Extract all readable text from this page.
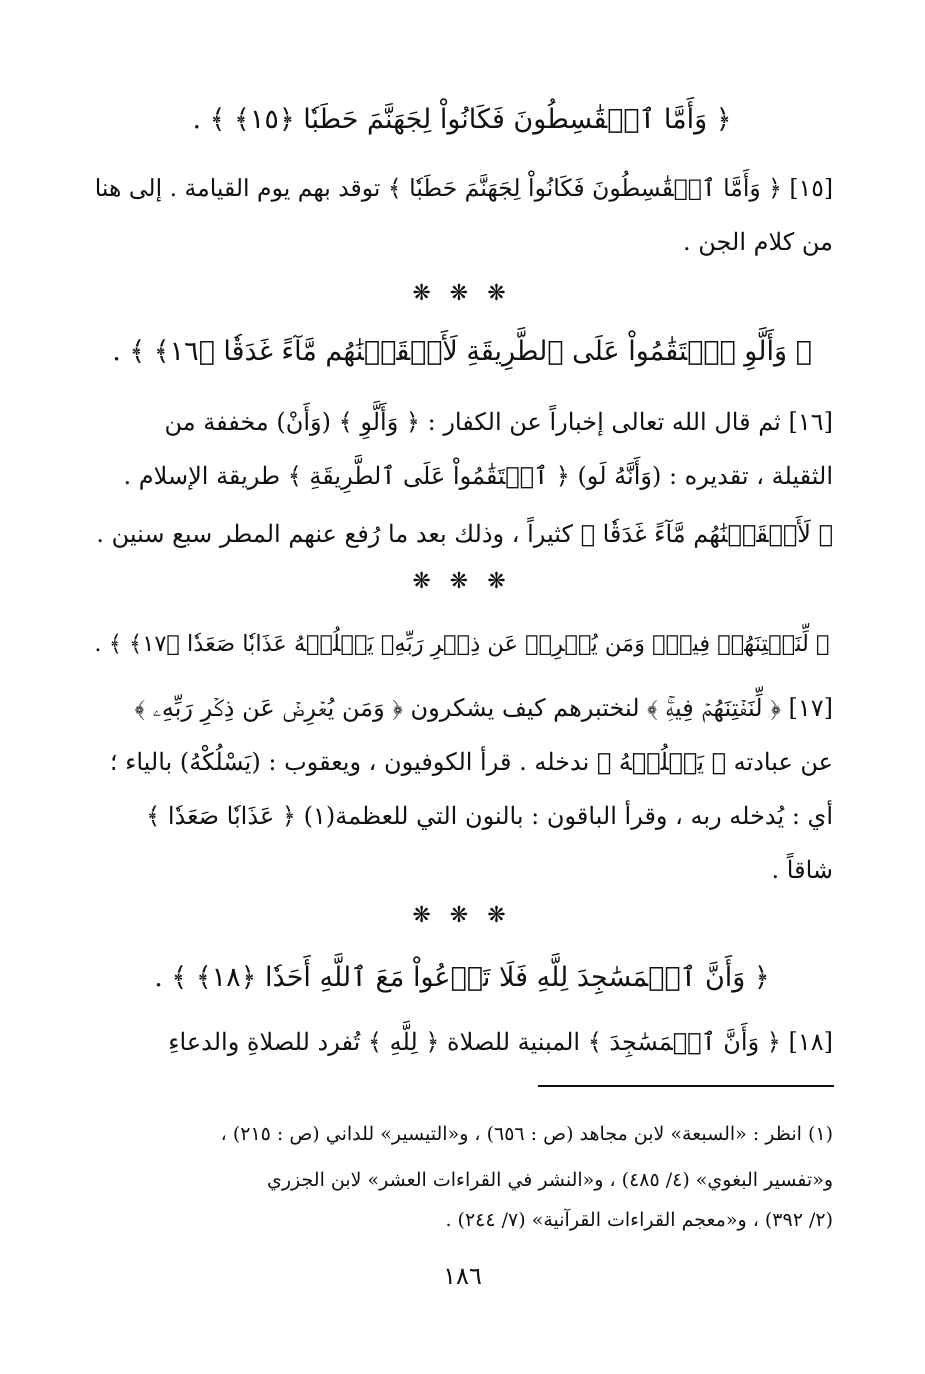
﴿ وَأَمَّا ٱلۡقَٰسِطُونَ فَكَانُواْ لِجَهَنَّمَ حَطَبٗا ﴿١٥﴾ ﴾ .
[١٥] ﴿ وَأَمَّا ٱلۡقَٰسِطُونَ فَكَانُواْ لِجَهَنَّمَ حَطَبٗا ﴾ توقد بهم يوم القيامة . إلى هنا
من كلام الجن .
❋ ❋ ❋
﴿ وَأَلَّوِ ٱسۡتَقَٰمُواْ عَلَى ٱلطَّرِيقَةِ لَأَسۡقَيۡنَٰهُم مَّآءً غَدَقٗا ﴿١٦﴾ ﴾ .
[١٦] ثم قال الله تعالى إخباراً عن الكفار : ﴿ وَأَلَّوِ ﴾ (وَأَنْ) مخففة من
الثقيلة ، تقديره : (وَأَنَّهُ لَو) ﴿ ٱسۡتَقَٰمُواْ عَلَى ٱلطَّرِيقَةِ ﴾ طريقة الإسلام .
﴿ لَأَسۡقَيۡنَٰهُم مَّآءً غَدَقٗا ﴾ كثيراً ، وذلك بعد ما رُفع عنهم المطر سبع سنين .
❋ ❋ ❋
﴿ لِّنَفۡتِنَهُمۡ فِيهِۚ وَمَن يُعۡرِضۡ عَن ذِكۡرِ رَبِّهِۦ يَسۡلُكۡهُ عَذَابٗا صَعَدٗا ﴿١٧﴾ ﴾ .
[١٧] ﴿ لِّنَفۡتِنَهُمۡ فِيهِۚ ﴾ لنختبرهم كيف يشكرون ﴿ وَمَن يُعۡرِضۡ عَن ذِكۡرِ رَبِّهِۦ ﴾
عن عبادته ﴿ يَسۡلُكۡهُ ﴾ ندخله . قرأ الكوفيون ، ويعقوب : (يَسْلُكْهُ) بالياء ؛
أي : يُدخله ربه ، وقرأ الباقون : بالنون التي للعظمة(١) ﴿ عَذَابٗا صَعَدٗا ﴾
شاقاً .
❋ ❋ ❋
﴿ وَأَنَّ ٱلۡمَسَٰجِدَ لِلَّهِ فَلَا تَدۡعُواْ مَعَ ٱللَّهِ أَحَدٗا ﴿١٨﴾ ﴾ .
[١٨] ﴿ وَأَنَّ ٱلۡمَسَٰجِدَ ﴾ المبنية للصلاة ﴿ لِلَّهِ ﴾ تُفرد للصلاةِ والدعاءِ
(١) انظر : «السبعة» لابن مجاهد (ص : ٦٥٦) ، و«التيسير» للداني (ص : ٢١٥) ،
و«تفسير البغوي» (٤/ ٤٨٥) ، و«النشر في القراءات العشر» لابن الجزري
(٢/ ٣٩٢) ، و«معجم القراءات القرآنية» (٧/ ٢٤٤) .
١٨٦
